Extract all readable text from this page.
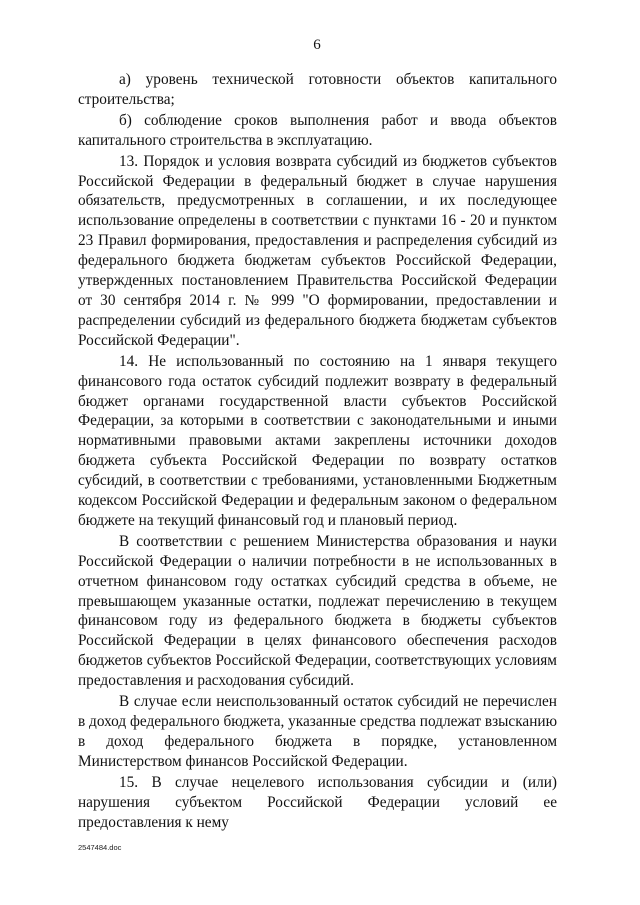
6

а) уровень технической готовности объектов капитального строительства;

б) соблюдение сроков выполнения работ и ввода объектов капитального строительства в эксплуатацию.

13. Порядок и условия возврата субсидий из бюджетов субъектов Российской Федерации в федеральный бюджет в случае нарушения обязательств, предусмотренных в соглашении, и их последующее использование определены в соответствии с пунктами 16 - 20 и пунктом 23 Правил формирования, предоставления и распределения субсидий из федерального бюджета бюджетам субъектов Российской Федерации, утвержденных постановлением Правительства Российской Федерации от 30 сентября 2014 г. № 999 "О формировании, предоставлении и распределении субсидий из федерального бюджета бюджетам субъектов Российской Федерации".

14. Не использованный по состоянию на 1 января текущего финансового года остаток субсидий подлежит возврату в федеральный бюджет органами государственной власти субъектов Российской Федерации, за которыми в соответствии с законодательными и иными нормативными правовыми актами закреплены источники доходов бюджета субъекта Российской Федерации по возврату остатков субсидий, в соответствии с требованиями, установленными Бюджетным кодексом Российской Федерации и федеральным законом о федеральном бюджете на текущий финансовый год и плановый период.

В соответствии с решением Министерства образования и науки Российской Федерации о наличии потребности в не использованных в отчетном финансовом году остатках субсидий средства в объеме, не превышающем указанные остатки, подлежат перечислению в текущем финансовом году из федерального бюджета в бюджеты субъектов Российской Федерации в целях финансового обеспечения расходов бюджетов субъектов Российской Федерации, соответствующих условиям предоставления и расходования субсидий.

В случае если неиспользованный остаток субсидий не перечислен в доход федерального бюджета, указанные средства подлежат взысканию в доход федерального бюджета в порядке, установленном Министерством финансов Российской Федерации.

15. В случае нецелевого использования субсидии и (или) нарушения субъектом Российской Федерации условий ее предоставления к нему

2547484.doc
